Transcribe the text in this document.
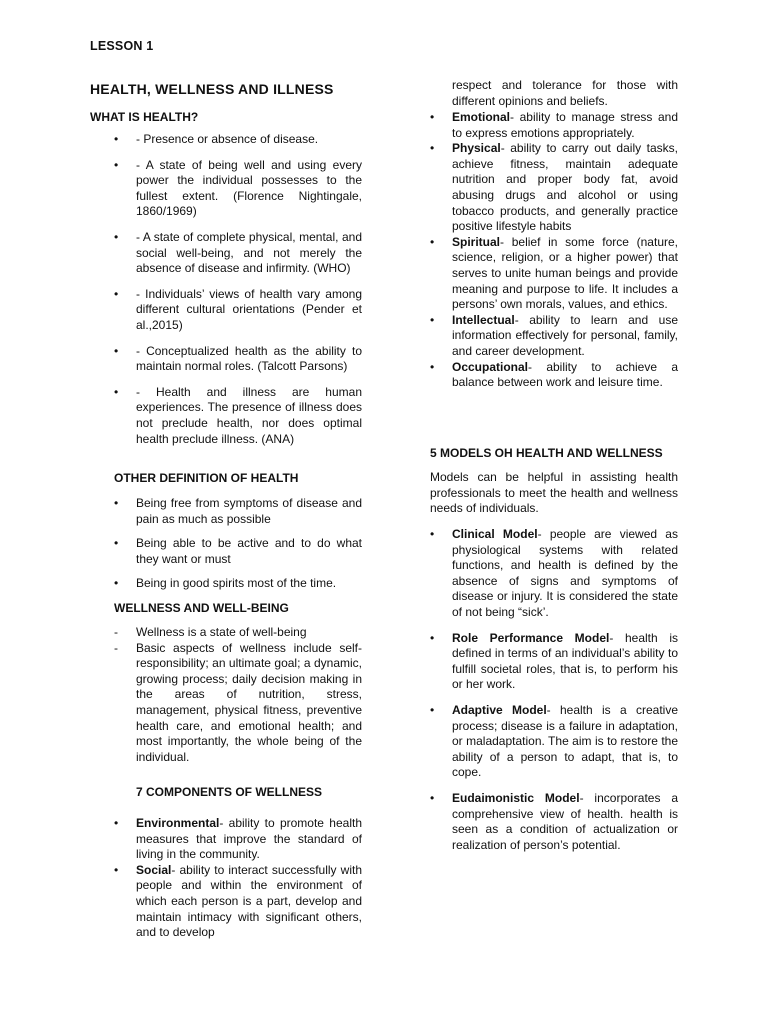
LESSON 1
HEALTH, WELLNESS AND ILLNESS
WHAT IS HEALTH?
•	- Presence or absence of disease.
•	- A state of being well and using every power the individual possesses to the fullest extent. (Florence Nightingale, 1860/1969)
•	- A state of complete physical, mental, and social well-being, and not merely the absence of disease and infirmity. (WHO)
•	- Individuals’ views of health vary among different cultural orientations (Pender et al.,2015)
•	- Conceptualized health as the ability to maintain normal roles. (Talcott Parsons)
•	- Health and illness are human experiences. The presence of illness does not preclude health, nor does optimal health preclude illness. (ANA)
OTHER DEFINITION OF HEALTH
•	Being free from symptoms of disease and pain as much as possible
•	Being able to be active and to do what they want or must
•	Being in good spirits most of the time.
WELLNESS AND WELL-BEING
-	Wellness is a state of well-being
-	Basic aspects of wellness include self-responsibility; an ultimate goal; a dynamic, growing process; daily decision making in the areas of nutrition, stress, management, physical fitness, preventive health care, and emotional health; and most importantly, the whole being of the individual.
7 COMPONENTS OF WELLNESS
•	Environmental- ability to promote health measures that improve the standard of living in the community.
•	Social- ability to interact successfully with people and within the environment of which each person is a part, develop and maintain intimacy with significant others, and to develop
respect and tolerance for those with different opinions and beliefs.
•	Emotional- ability to manage stress and to express emotions appropriately.
•	Physical- ability to carry out daily tasks, achieve fitness, maintain adequate nutrition and proper body fat, avoid abusing drugs and alcohol or using tobacco products, and generally practice positive lifestyle habits
•	Spiritual- belief in some force (nature, science, religion, or a higher power) that serves to unite human beings and provide meaning and purpose to life. It includes a persons’ own morals, values, and ethics.
•	Intellectual- ability to learn and use information effectively for personal, family, and career development.
•	Occupational- ability to achieve a balance between work and leisure time.
5 MODELS OH HEALTH AND WELLNESS
Models can be helpful in assisting health professionals to meet the health and wellness needs of individuals.
•	Clinical Model- people are viewed as physiological systems with related functions, and health is defined by the absence of signs and symptoms of disease or injury. It is considered the state of not being “sick’.
•	Role Performance Model- health is defined in terms of an individual’s ability to fulfill societal roles, that is, to perform his or her work.
•	Adaptive Model- health is a creative process; disease is a failure in adaptation, or maladaptation. The aim is to restore the ability of a person to adapt, that is, to cope.
•	Eudaimonistic Model- incorporates a comprehensive view of health. health is seen as a condition of actualization or realization of person’s potential.
